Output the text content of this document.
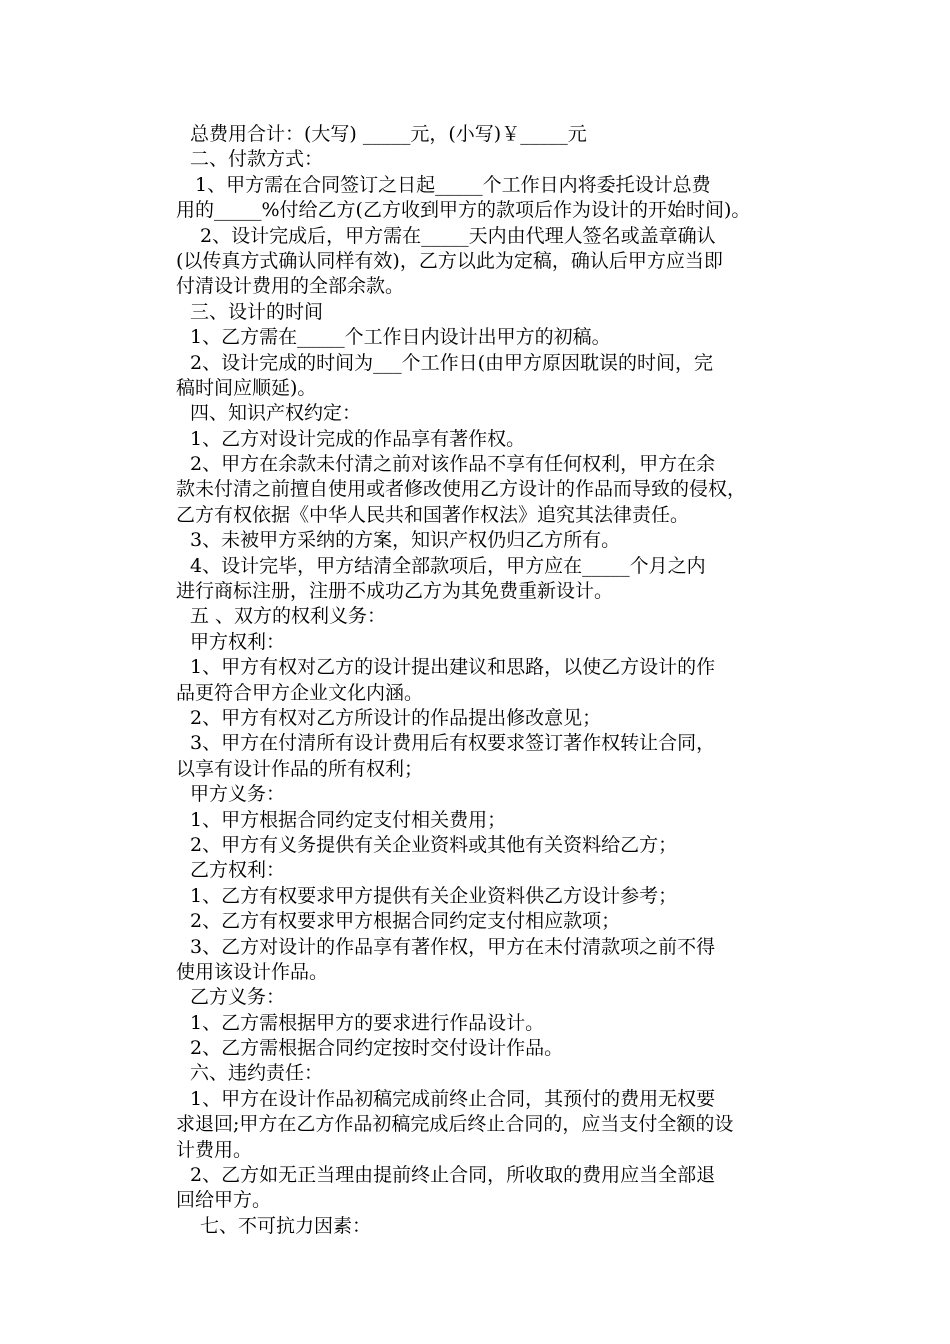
总费用合计：(大写) _____元，(小写)￥_____元
二、付款方式：
1、甲方需在合同签订之日起_____个工作日内将委托设计总费
用的_____%付给乙方(乙方收到甲方的款项后作为设计的开始时间)。
2、设计完成后，甲方需在_____天内由代理人签名或盖章确认
(以传真方式确认同样有效)，乙方以此为定稿，确认后甲方应当即
付清设计费用的全部余款。
三、设计的时间
1、乙方需在_____个工作日内设计出甲方的初稿。
2、设计完成的时间为___个工作日(由甲方原因耽误的时间，完
稿时间应顺延)。
四、知识产权约定：
1、乙方对设计完成的作品享有著作权。
2、甲方在余款未付清之前对该作品不享有任何权利，甲方在余
款未付清之前擅自使用或者修改使用乙方设计的作品而导致的侵权，
乙方有权依据《中华人民共和国著作权法》追究其法律责任。
3、未被甲方采纳的方案，知识产权仍归乙方所有。
4、设计完毕，甲方结清全部款项后，甲方应在_____个月之内
进行商标注册，注册不成功乙方为其免费重新设计。
五 、双方的权利义务：
甲方权利：
1、甲方有权对乙方的设计提出建议和思路，以使乙方设计的作
品更符合甲方企业文化内涵。
2、甲方有权对乙方所设计的作品提出修改意见；
3、甲方在付清所有设计费用后有权要求签订著作权转让合同，
以享有设计作品的所有权利；
甲方义务：
1、甲方根据合同约定支付相关费用；
2、甲方有义务提供有关企业资料或其他有关资料给乙方；
乙方权利：
1、乙方有权要求甲方提供有关企业资料供乙方设计参考；
2、乙方有权要求甲方根据合同约定支付相应款项；
3、乙方对设计的作品享有著作权，甲方在未付清款项之前不得
使用该设计作品。
乙方义务：
1、乙方需根据甲方的要求进行作品设计。
2、乙方需根据合同约定按时交付设计作品。
六、违约责任：
1、甲方在设计作品初稿完成前终止合同，其预付的费用无权要
求退回;甲方在乙方作品初稿完成后终止合同的，应当支付全额的设
计费用。
2、乙方如无正当理由提前终止合同，所收取的费用应当全部退
回给甲方。
七、不可抗力因素：
